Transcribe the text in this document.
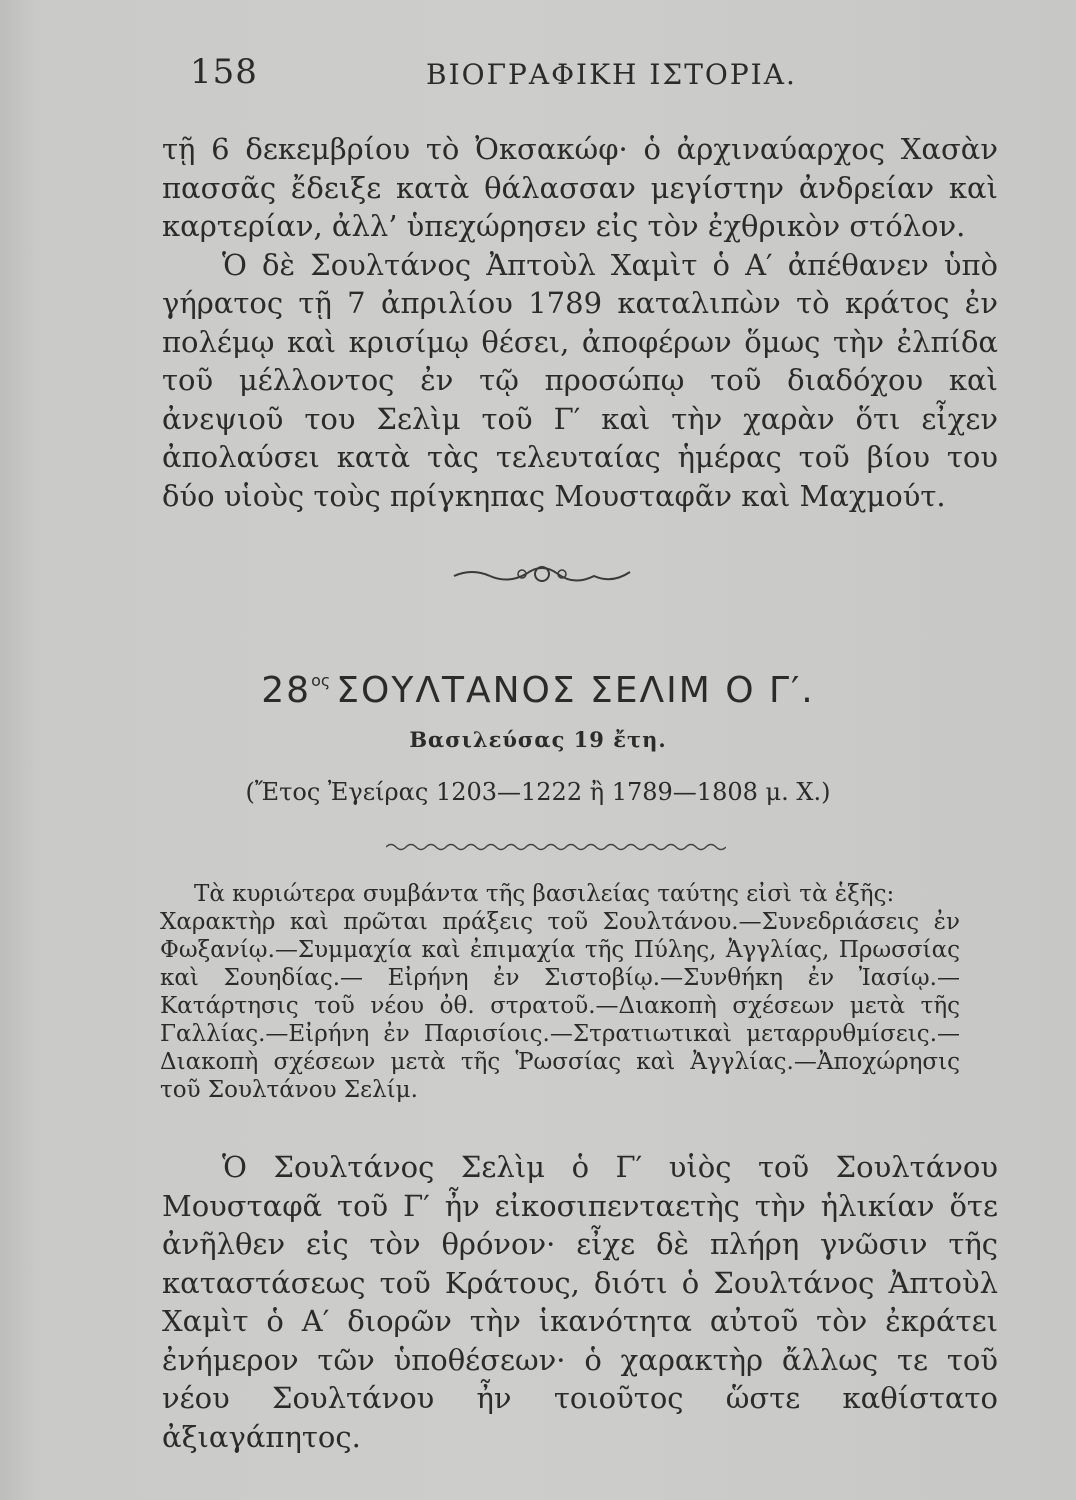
158	ΒΙΟΓΡΑΦΙΚΗ ΙΣΤΟΡΙΑ.
τῇ 6 δεκεμβρίου τὸ Ὀκσακώφ· ὁ ἀρχιναύαρχος Χασὰν πασσᾶς ἔδειξε κατὰ θάλασσαν μεγίστην ἀνδρείαν καὶ καρτερίαν, ἀλλ’ ὑπεχώρησεν εἰς τὸν ἐχθρικὸν στόλον.
Ὁ δὲ Σουλτάνος Ἀπτοὺλ Χαμὶτ ὁ Α′ ἀπέθανεν ὑπὸ γήρατος τῇ 7 ἀπριλίου 1789 καταλιπὼν τὸ κράτος ἐν πολέμῳ καὶ κρισίμῳ θέσει, ἀποφέρων ὅμως τὴν ἐλπίδα τοῦ μέλλοντος ἐν τῷ προσώπῳ τοῦ διαδόχου καὶ ἀνεψιοῦ του Σελὶμ τοῦ Γ′ καὶ τὴν χαρὰν ὅτι εἶχεν ἀπολαύσει κατὰ τὰς τελευταίας ἡμέρας τοῦ βίου του δύο υἱοὺς τοὺς πρίγκηπας Μουσταφᾶν καὶ Μαχμούτ.
$28^{o\varsigma}$ ΣΟΥΛΤΑΝΟΣ ΣΕΛΙΜ Ο Γ′.
Βασιλεύσας 19 ἔτη.
(Ἔτος Ἐγείρας 1203—1222 ἢ 1789—1808 μ. Χ.)

Τὰ κυριώτερα συμβάντα τῆς βασιλείας ταύτης εἰσὶ τὰ ἑξῆς:

Χαρακτὴρ καὶ πρῶται πράξεις τοῦ Σουλτάνου.—Συνεδριάσεις ἐν Φωξανίῳ.—Συμμαχία καὶ ἐπιμαχία τῆς Πύλης, Ἀγγλίας, Πρωσσίας καὶ Σουηδίας.— Εἰρήνη ἐν Σιστοβίῳ.—Συνθήκη ἐν Ἰασίῳ.—Κατάρτησις τοῦ νέου ὀθ. στρατοῦ.—Διακοπὴ σχέσεων μετὰ τῆς Γαλλίας.—Εἰρήνη ἐν Παρισίοις.—Στρατιωτικαὶ μεταρρυθμίσεις.—Διακοπὴ σχέσεων μετὰ τῆς Ῥωσσίας καὶ Ἀγγλίας.—Ἀποχώρησις τοῦ Σουλτάνου Σελίμ.

Ὁ Σουλτάνος Σελὶμ ὁ Γ′ υἱὸς τοῦ Σουλτάνου Μουσταφᾶ τοῦ Γ′ ἦν εἰκοσιπενταετὴς τὴν ἡλικίαν ὅτε ἀνῆλθεν εἰς τὸν θρόνον· εἶχε δὲ πλήρη γνῶσιν τῆς καταστάσεως τοῦ Κράτους, διότι ὁ Σουλτάνος Ἀπτοὺλ Χαμὶτ ὁ Α′ διορῶν τὴν ἱκανότητα αὐτοῦ τὸν ἐκράτει ἐνήμερον τῶν ὑποθέσεων· ὁ χαρακτὴρ ἄλλως τε τοῦ νέου Σουλτάνου ἦν τοιοῦτος ὥστε καθίστατο ἀξιαγάπητος.
